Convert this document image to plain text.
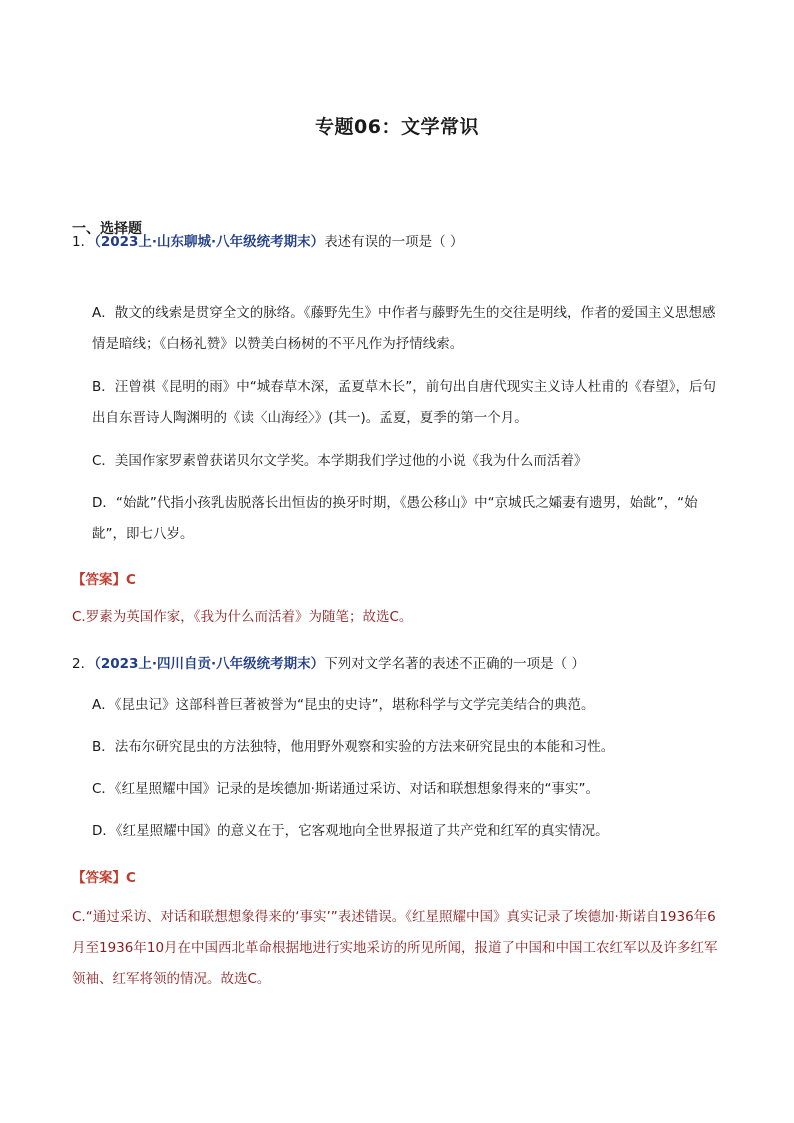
专题06：文学常识
一、选择题
1．（2023上·山东聊城·八年级统考期末）表述有误的一项是（ ）
A．散文的线索是贯穿全文的脉络。《藤野先生》中作者与藤野先生的交往是明线，作者的爱国主义思想感情是暗线；《白杨礼赞》以赞美白杨树的不平凡作为抒情线索。
B．汪曾祺《昆明的雨》中“城春草木深，孟夏草木长”，前句出自唐代现实主义诗人杜甫的《春望》，后句出自东晋诗人陶渊明的《读〈山海经〉》(其一)。孟夏，夏季的第一个月。
C．美国作家罗素曾获诺贝尔文学奖。本学期我们学过他的小说《我为什么而活着》
D．“始龀”代指小孩乳齿脱落长出恒齿的换牙时期，《愚公移山》中“京城氏之孀妻有遗男，始龀”，“始龀”，即七八岁。
【答案】C
C.罗素为英国作家，《我为什么而活着》为随笔；故选C。
2．（2023上·四川自贡·八年级统考期末）下列对文学名著的表述不正确的一项是（ ）
A．《昆虫记》这部科普巨著被誉为“昆虫的史诗”，堪称科学与文学完美结合的典范。
B．法布尔研究昆虫的方法独特，他用野外观察和实验的方法来研究昆虫的本能和习性。
C．《红星照耀中国》记录的是埃德加·斯诺通过采访、对话和联想想象得来的“事实”。
D．《红星照耀中国》的意义在于，它客观地向全世界报道了共产党和红军的真实情况。
【答案】C
C.“通过采访、对话和联想想象得来的‘事实’”表述错误。《红星照耀中国》真实记录了埃德加·斯诺自1936年6月至1936年10月在中国西北革命根据地进行实地采访的所见所闻，报道了中国和中国工农红军以及许多红军领袖、红军将领的情况。故选C。
